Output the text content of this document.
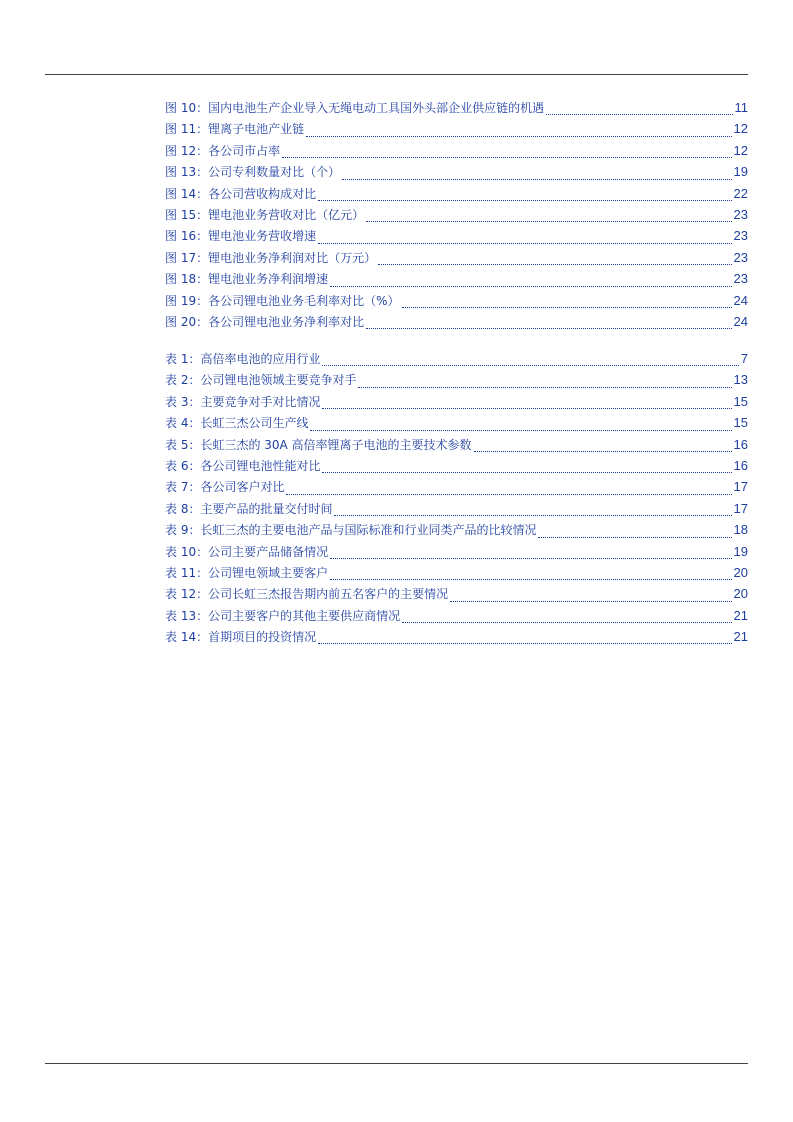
图 10： 国内电池生产企业导入无绳电动工具国外头部企业供应链的机遇	11
图 11： 锂离子电池产业链	12
图 12： 各公司市占率	12
图 13： 公司专利数量对比（个）	19
图 14： 各公司营收构成对比	22
图 15： 锂电池业务营收对比（亿元）	23
图 16： 锂电池业务营收增速	23
图 17： 锂电池业务净利润对比（万元）	23
图 18： 锂电池业务净利润增速	23
图 19： 各公司锂电池业务毛利率对比（%）	24
图 20： 各公司锂电池业务净利率对比	24
表 1： 高倍率电池的应用行业	7
表 2： 公司锂电池领域主要竞争对手	13
表 3： 主要竞争对手对比情况	15
表 4： 长虹三杰公司生产线	15
表 5： 长虹三杰的 30A 高倍率锂离子电池的主要技术参数	16
表 6： 各公司锂电池性能对比	16
表 7： 各公司客户对比	17
表 8： 主要产品的批量交付时间	17
表 9： 长虹三杰的主要电池产品与国际标准和行业同类产品的比较情况	18
表 10： 公司主要产品储备情况	19
表 11： 公司锂电领域主要客户	20
表 12： 公司长虹三杰报告期内前五名客户的主要情况	20
表 13： 公司主要客户的其他主要供应商情况	21
表 14： 首期项目的投资情况	21
